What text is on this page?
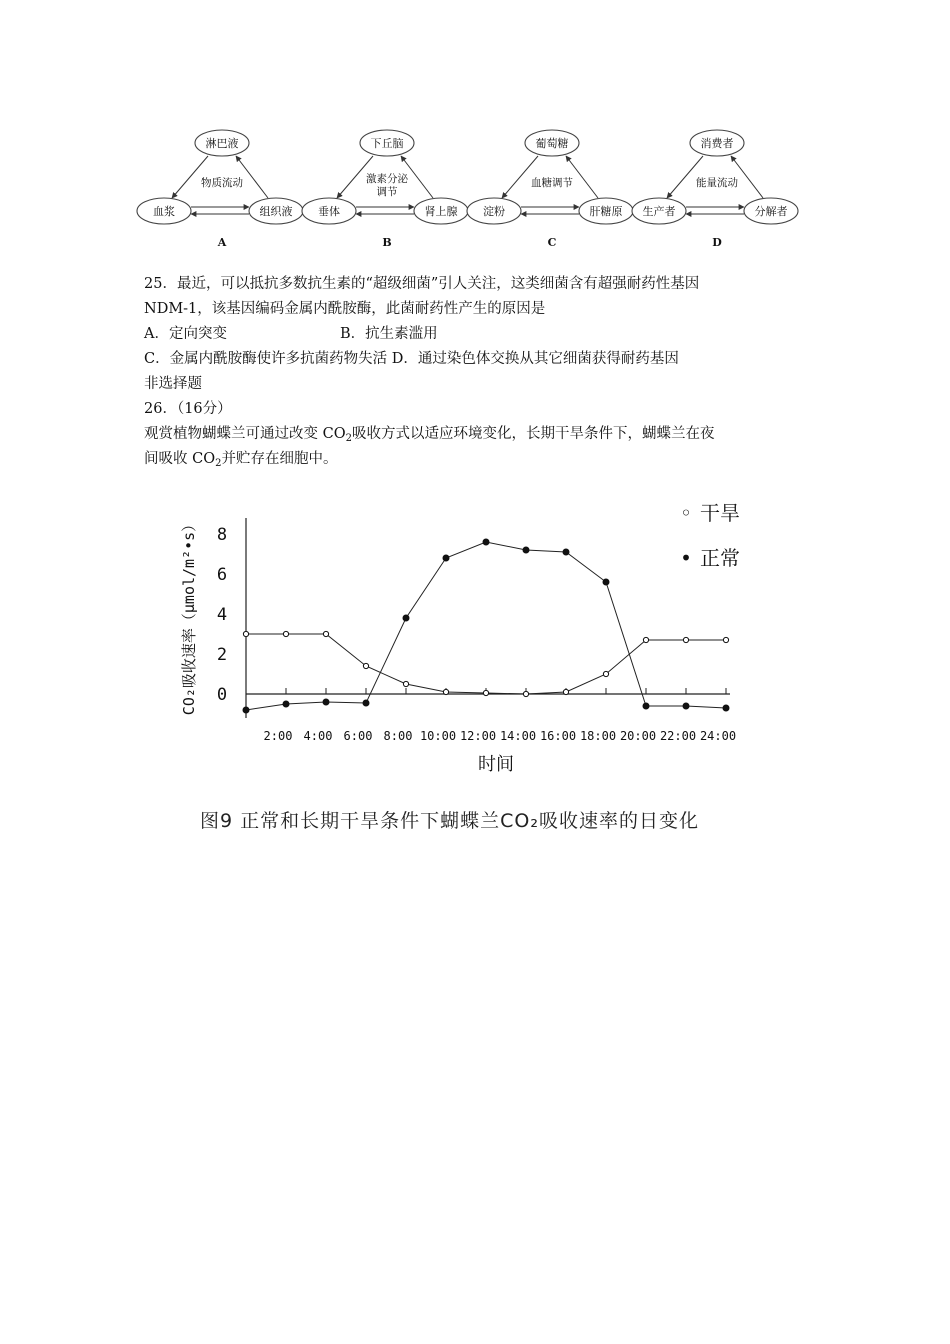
淋巴液
血浆	组织液
物质流动
A
下丘脑
垂体	肾上腺
激素分泌
调节
B
葡萄糖
淀粉	肝糖原
血糖调节
C
消费者
生产者	分解者
能量流动
D
25．最近，可以抵抗多数抗生素的“超级细菌”引人关注，这类细菌含有超强耐药性基因
NDM-1，该基因编码金属内酰胺酶，此菌耐药性产生的原因是
A．定向突变	B．抗生素滥用
C．金属内酰胺酶使许多抗菌药物失活 D．通过染色体交换从其它细菌获得耐药基因
非选择题
26．（16分）
观赏植物蝴蝶兰可通过改变 $CO_2$吸收方式以适应环境变化，长期干旱条件下，蝴蝶兰在夜
间吸收 $CO_2$并贮存在细胞中。
0
2
4
6
8
2:00 4:00 6:00 8:00 10:00 12:00 14:00 16:00 18:00 20:00 22:00 24:00
时间
CO₂吸收速率（μmol/m²•s）
◦ 干旱
• 正常
图9 正常和长期干旱条件下蝴蝶兰CO₂吸收速率的日变化
